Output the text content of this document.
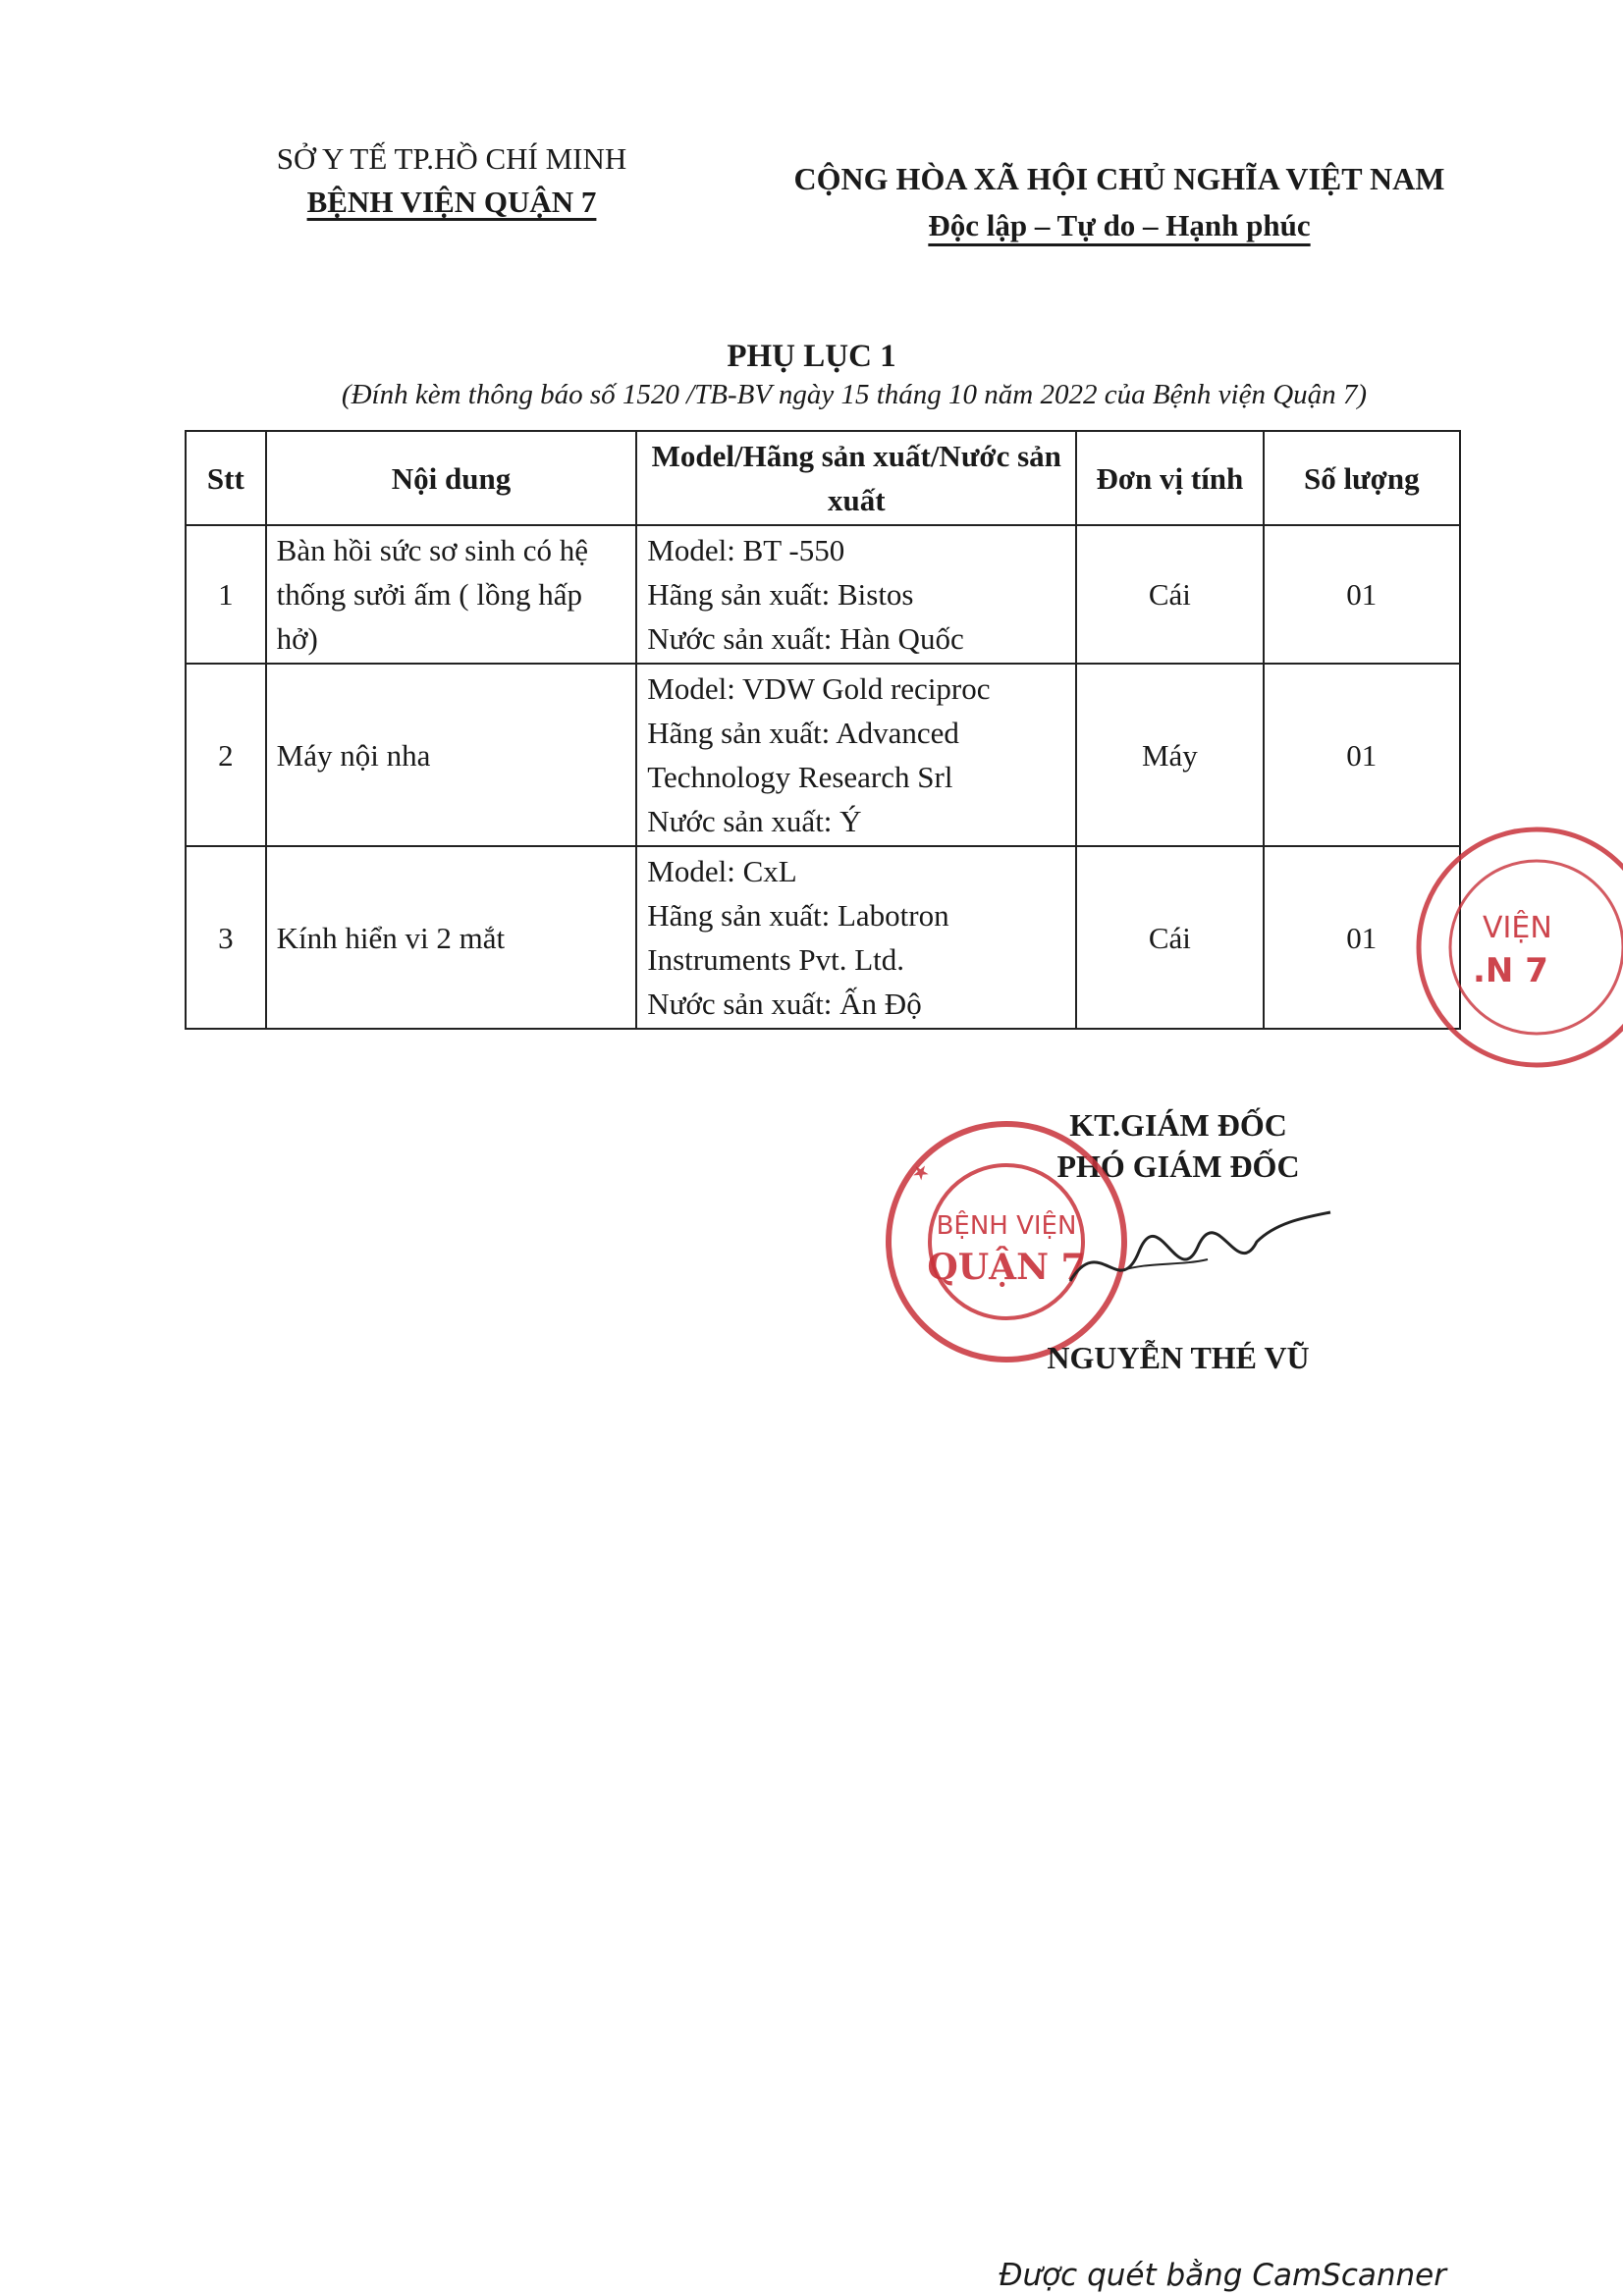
SỞ Y TẾ TP.HỒ CHÍ MINH
BỆNH VIỆN QUẬN 7
CỘNG HÒA XÃ HỘI CHỦ NGHĨA VIỆT NAM
Độc lập – Tự do – Hạnh phúc
PHỤ LỤC 1
(Đính kèm thông báo số 1520 /TB-BV ngày 15 tháng 10 năm 2022 của Bệnh viện Quận 7)
Stt	Nội dung	Model/Hãng sản xuất/Nước sản xuất	Đơn vị tính	Số lượng
1	Bàn hồi sức sơ sinh có hệ thống sưởi ấm ( lồng hấp hở)	Model: BT -550
Hãng sản xuất: Bistos
Nước sản xuất: Hàn Quốc	Cái	01
2	Máy nội nha	Model: VDW Gold reciproc
Hãng sản xuất: Advanced
Technology Research Srl
Nước sản xuất: Ý	Máy	01
3	Kính hiển vi 2 mắt	Model: CxL
Hãng sản xuất: Labotron
Instruments Pvt. Ltd.
Nước sản xuất: Ấn Độ	Cái	01	VIỆN
.N 7
KT.GIÁM ĐỐC
PHÓ GIÁM ĐỐC
BỆNH VIỆN
QUẬN 7
★
NGUYỄN THÉ VŨ
Được quét bằng CamScanner
